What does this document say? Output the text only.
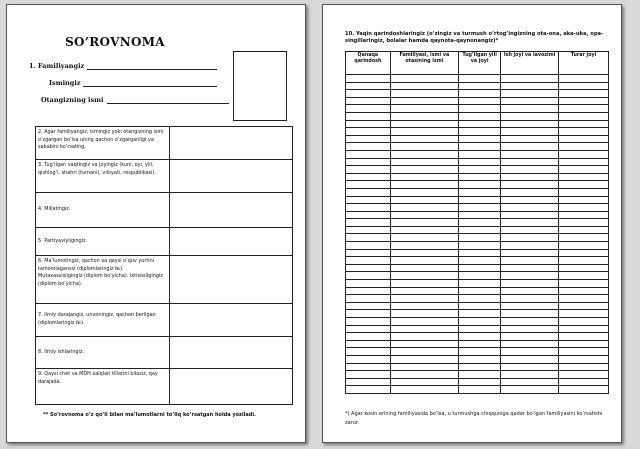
SO’ROVNOMA
1. Familiyangiz
Ismingiz
Otangizning ismi
2. Agar familiyangiz, ismingiz yoki otangizning ismi o’zgargan bo’lsa uning qachon o’zgarganligi va sababini ko’rsating.	
3. Tug’ilgan vaqtingiz va joyingiz (kuni, oyi, yili, qishlog’i, shahri (tumani), viloyati, respublikasi).	
4. Millatingiz.	
5. Partiyaviyligingiz.	
6. Ma’lumotingiz, qachon va qaysi o’quv yurtini tamomlagansiz (diplomlaringiz №). Mutaxassisligingiz (diplom bo’yicha). Ixtisosligingiz (diplom bo’yicha).	
7. Ilmiy darajangiz, unvoningiz, qachon berilgan (diplomlaringiz №).	
8. Ilmiy ishlaringiz.	
9. Qaysi chet va MDH xalqlari tillarini bilasiz, qay darajada.	
** So’rovnoma o’z qo’li bilan ma’lumotlarni to’liq ko’rsatgan holda yoziladi.
10. Yaqin qarindoshlaringiz (o’zingiz va turmush o’rtog’ingizning ota-ona, aka-uka, opa-singillaringiz, bolalar hamda qaynota-qaynonangiz)*
Qanaqa qarindosh	Familiyasi, ismi va otasining ismi	Tug’ilgan yili va joyi	Ish joyi va lavozimi	Turar joyi

*) Agar kosin erining familiyasida bo’lsa, u turmushga chiqquniga qadar bo’lgan familiyasini ko’rsatishi zarur.
